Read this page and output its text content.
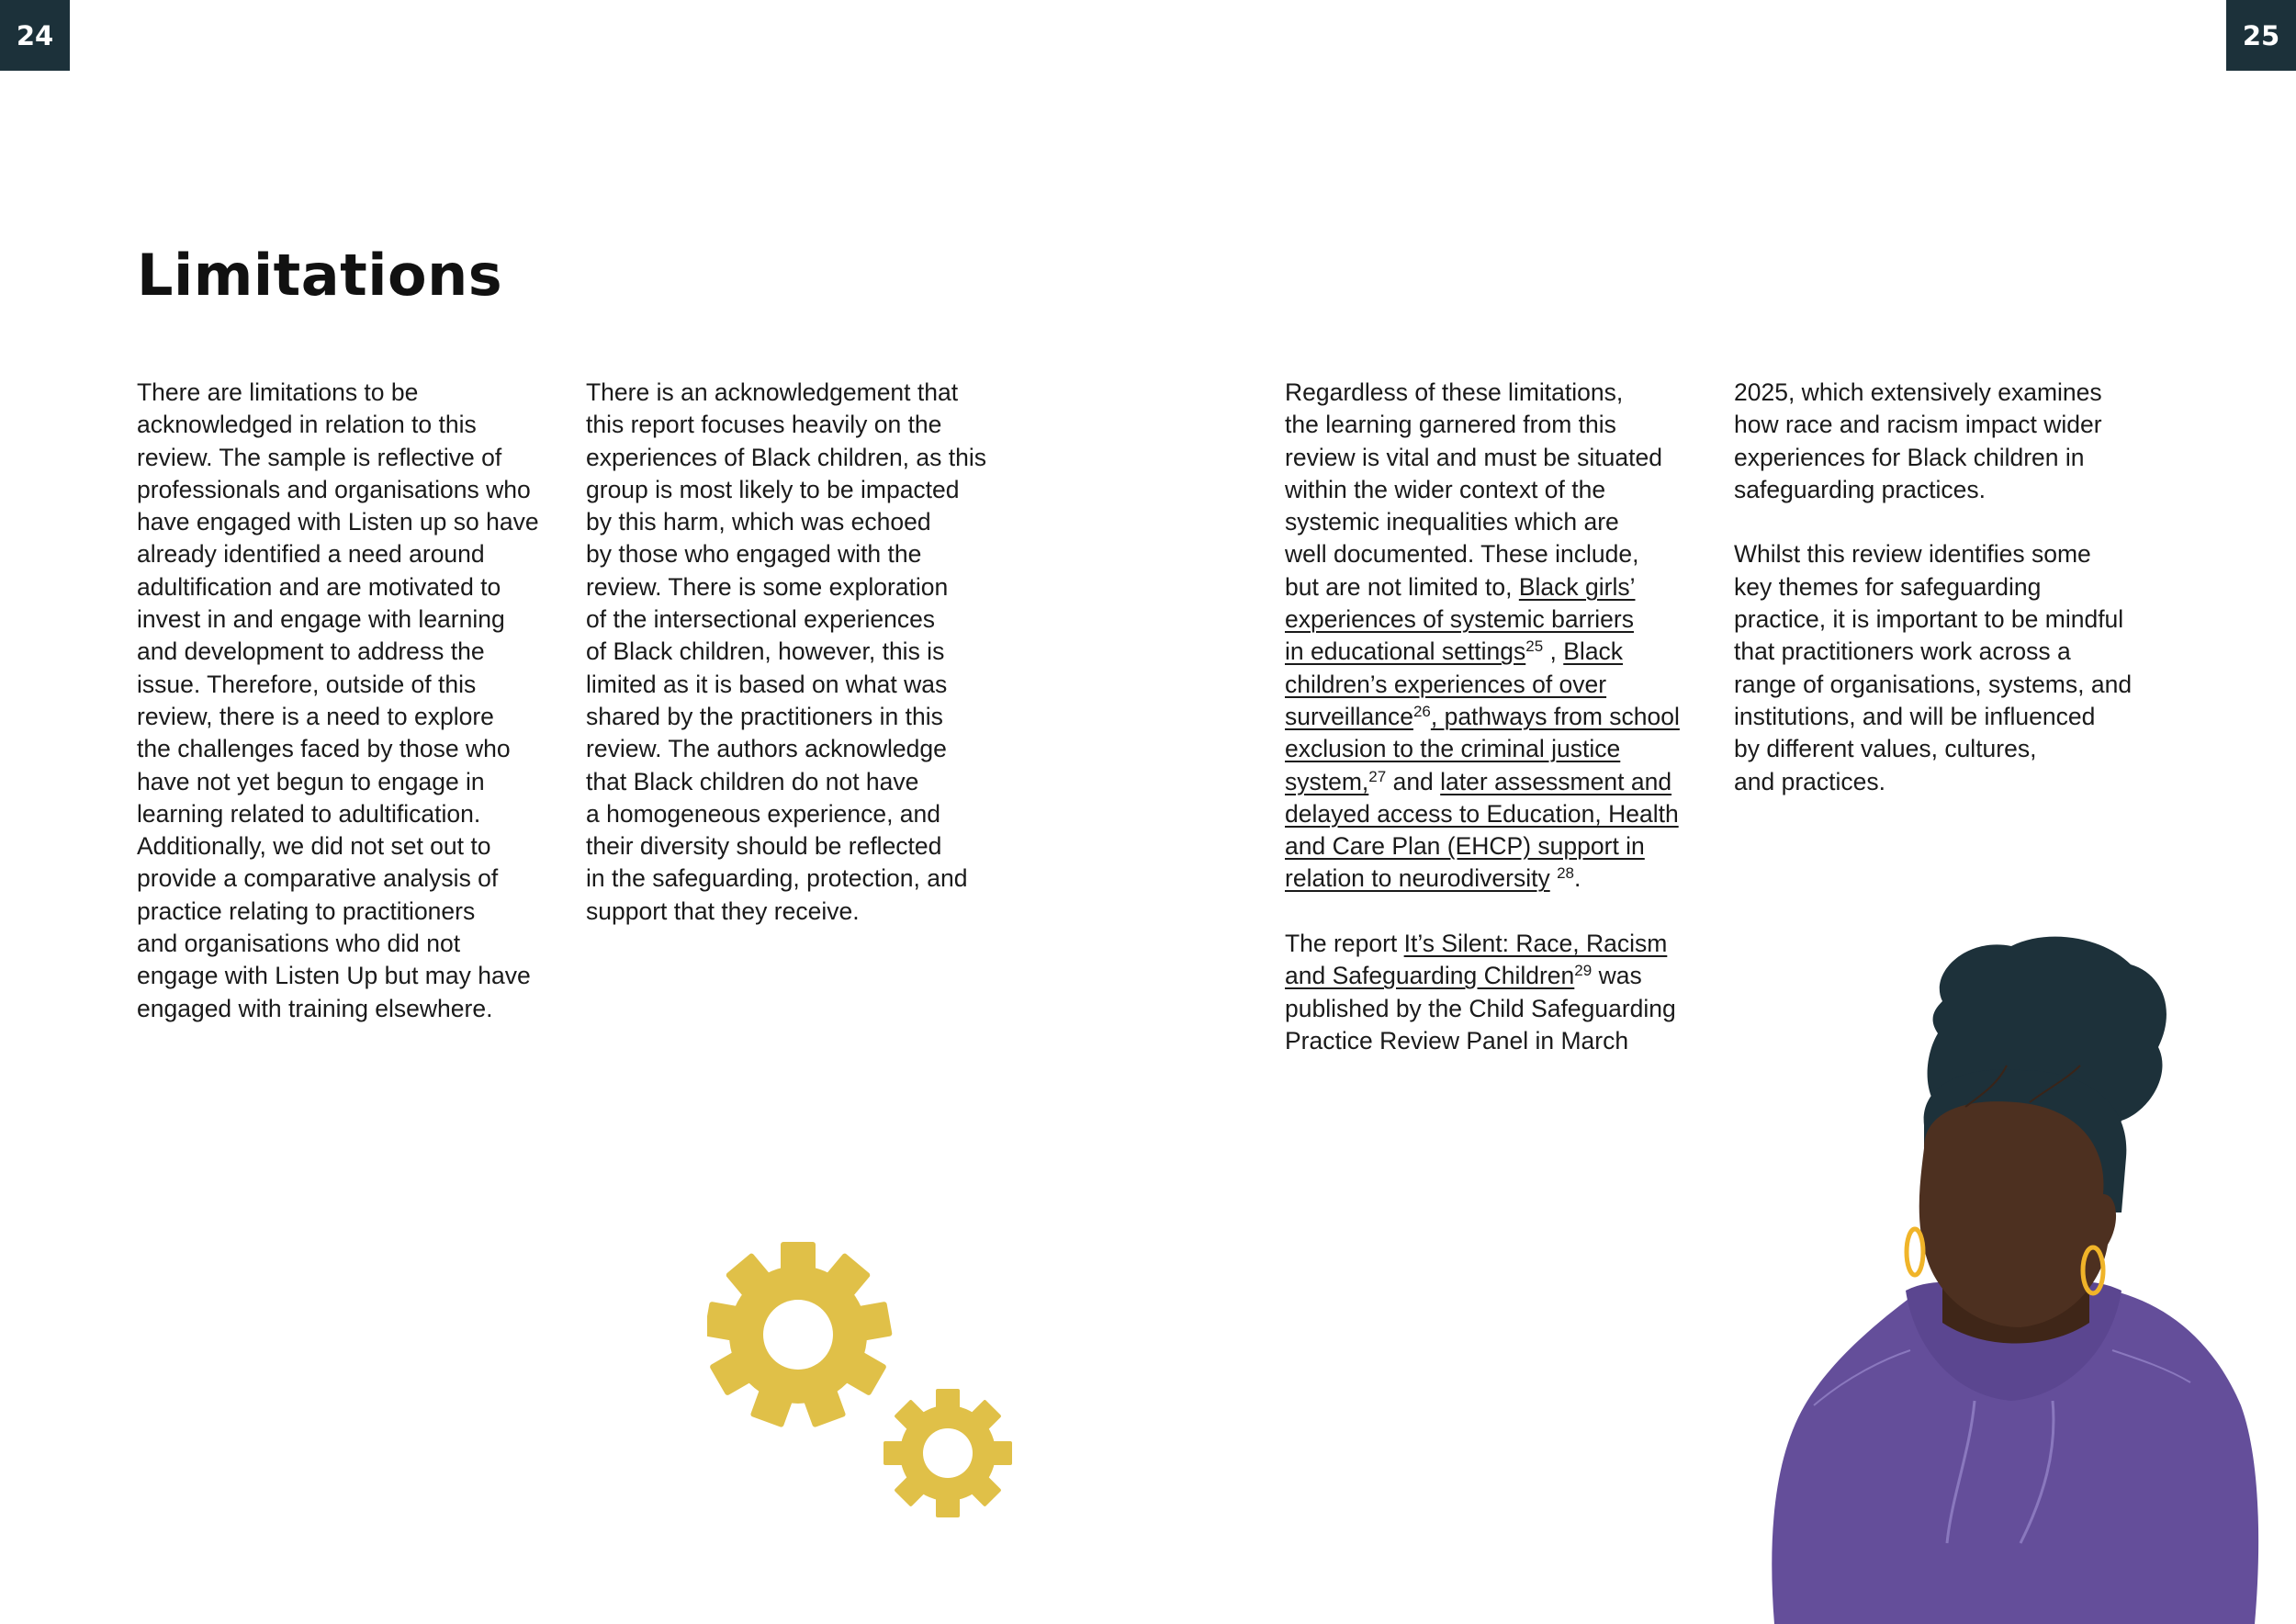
24	25
Limitations

There are limitations to be

acknowledged in relation to this

review. The sample is reflective of

professionals and organisations who

have engaged with Listen up so have

already identified a need around

adultification and are motivated to

invest in and engage with learning

and development to address the

issue. Therefore, outside of this

review, there is a need to explore

the challenges faced by those who

have not yet begun to engage in

learning related to adultification.

Additionally, we did not set out to

provide a comparative analysis of

practice relating to practitioners

and organisations who did not

engage with Listen Up but may have

engaged with training elsewhere.

There is an acknowledgement that

this report focuses heavily on the

experiences of Black children, as this

group is most likely to be impacted

by this harm, which was echoed

by those who engaged with the

review. There is some exploration

of the intersectional experiences

of Black children, however, this is

limited as it is based on what was

shared by the practitioners in this

review. The authors acknowledge

that Black children do not have

a homogeneous experience, and

their diversity should be reflected

in the safeguarding, protection, and

support that they receive.

Regardless of these limitations,

the learning garnered from this

review is vital and must be situated

within the wider context of the

systemic inequalities which are

well documented. These include,

but are not limited to, Black girls’

experiences of systemic barriers

in educational settings$^{25}$ , Black

children’s experiences of over

surveillance$^{26}$, pathways from school

exclusion to the criminal justice

system,$^{27}$ and later assessment and

delayed access to Education, Health

and Care Plan (EHCP) support in

relation to neurodiversity $^{28}$.

The report It’s Silent: Race, Racism

and Safeguarding Children$^{29}$ was

published by the Child Safeguarding

Practice Review Panel in March

2025, which extensively examines

how race and racism impact wider

experiences for Black children in

safeguarding practices.

Whilst this review identifies some

key themes for safeguarding

practice, it is important to be mindful

that practitioners work across a

range of organisations, systems, and

institutions, and will be influenced

by different values, cultures,

and practices.
